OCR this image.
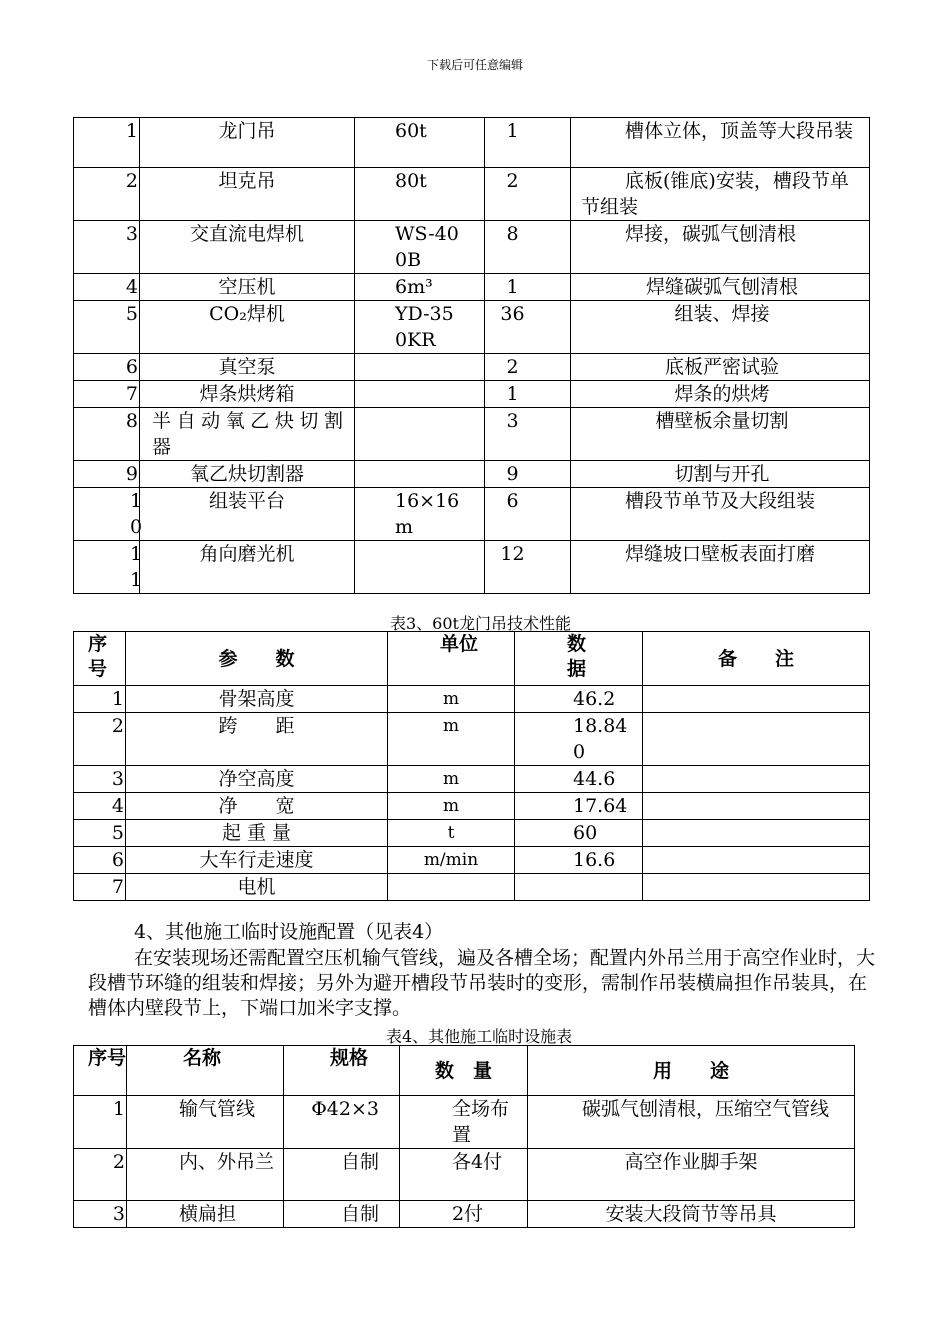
下载后可任意编辑
1	龙门吊	60t	1	槽体立体，顶盖等大段吊装
2	坦克吊	80t	2	底板(锥底)安装，槽段节单节组装
3	交直流电焊机	WS-400B	8	焊接，碳弧气刨清根
4	空压机	6m³	1	焊缝碳弧气刨清根
5	CO₂焊机	YD-350KR	36	组装、焊接
6	真空泵		2	底板严密试验
7	焊条烘烤箱		1	焊条的烘烤
8	半自动氧乙炔切割器		3	槽壁板余量切割
9	氧乙炔切割器		9	切割与开孔
10	组装平台	16×16m	6	槽段节单节及大段组装
11	角向磨光机		12	焊缝坡口壁板表面打磨
表3、60t龙门吊技术性能
序号	参　　数	单位	数据	备　　注
1	骨架高度	m	46.2	
2	跨　　距	m	18.840	
3	净空高度	m	44.6	
4	净　　宽	m	17.64	
5	起 重 量	t	60	
6	大车行走速度	m/min	16.6	
7	电机			
4、其他施工临时设施配置（见表4）
在安装现场还需配置空压机输气管线，遍及各槽全场；配置内外吊兰用于高空作业时，大段槽节环缝的组装和焊接；另外为避开槽段节吊装时的变形，需制作吊装横扁担作吊装具，在槽体内壁段节上，下端口加米字支撑。
表4、其他施工临时设施表
序号	名称	规格	数　量	用　　途
1	输气管线	Φ42×3	全场布置	碳弧气刨清根，压缩空气管线
2	内、外吊兰	自制	各4付	高空作业脚手架
3	横扁担	自制	2付	安装大段筒节等吊具
